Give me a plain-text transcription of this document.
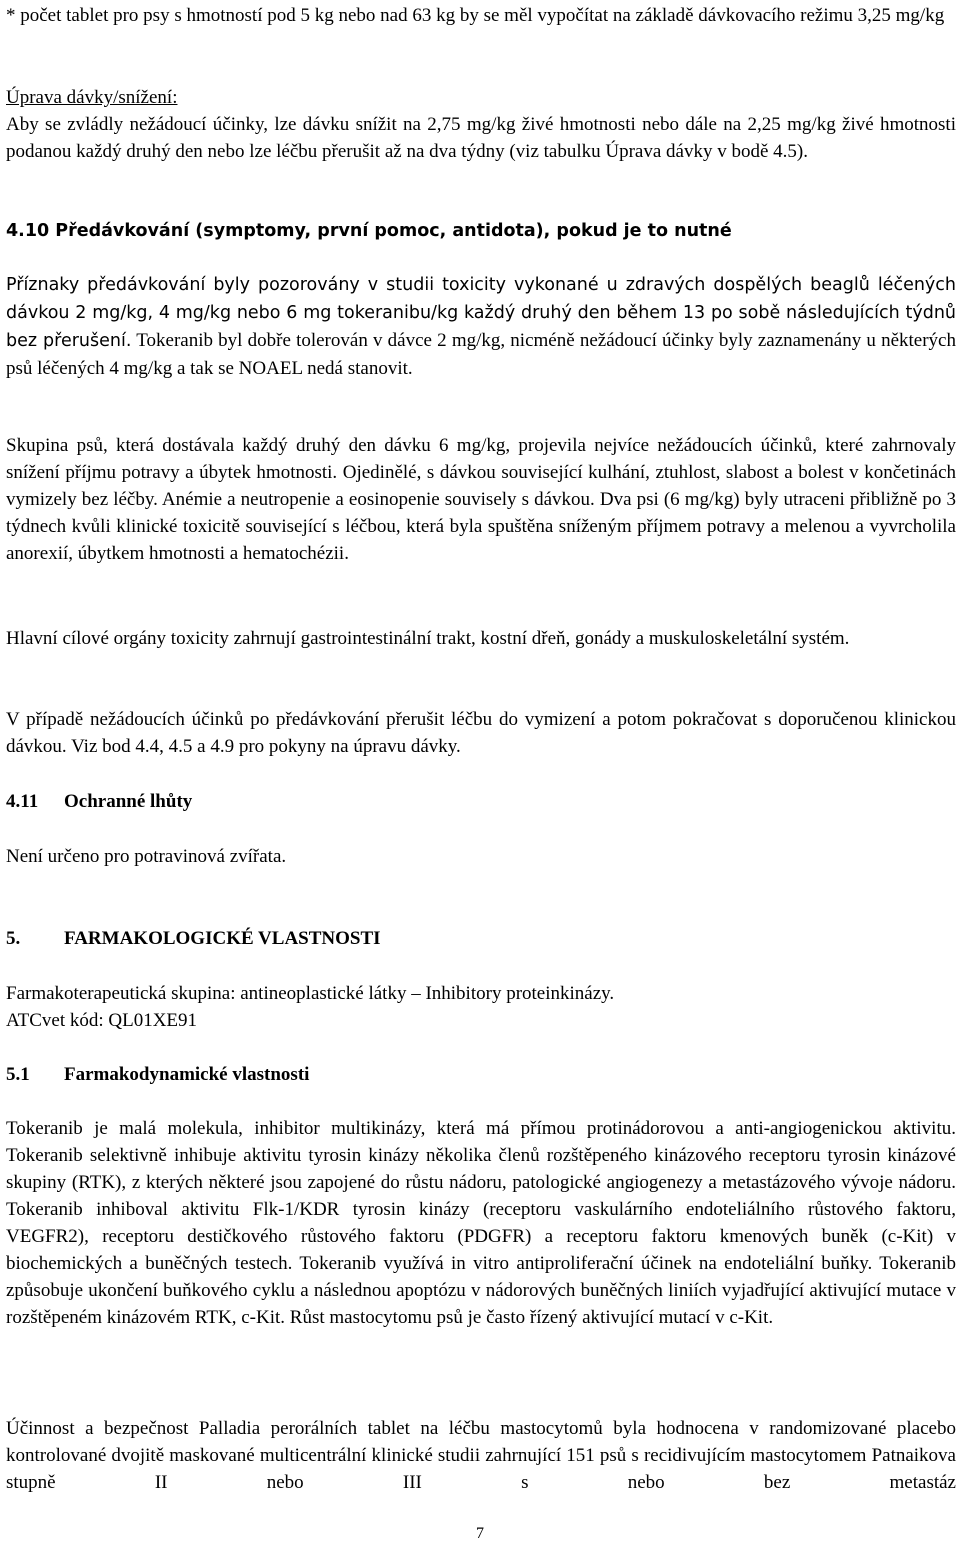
* počet tablet pro psy s hmotností pod 5 kg nebo nad 63 kg by se měl vypočítat na základě dávkovacího režimu 3,25 mg/kg

Úprava dávky/snížení:

Aby se zvládly nežádoucí účinky, lze dávku snížit na 2,75 mg/kg živé hmotnosti nebo dále na 2,25 mg/kg živé hmotnosti podanou každý druhý den nebo lze léčbu přerušit až na dva týdny (viz tabulku Úprava dávky v bodě 4.5).

4.10 Předávkování (symptomy, první pomoc, antidota), pokud je to nutné

Příznaky předávkování byly pozorovány v studii toxicity vykonané u zdravých dospělých beaglů léčených dávkou 2 mg/kg, 4 mg/kg nebo 6 mg tokeranibu/kg každý druhý den během 13 po sobě následujících týdnů bez přerušení. Tokeranib byl dobře tolerován v dávce 2 mg/kg, nicméně nežádoucí účinky byly zaznamenány u některých psů léčených 4 mg/kg a tak se NOAEL nedá stanovit.

Skupina psů, která dostávala každý druhý den dávku 6 mg/kg, projevila nejvíce nežádoucích účinků, které zahrnovaly snížení příjmu potravy a úbytek hmotnosti. Ojedinělé, s dávkou související kulhání, ztuhlost, slabost a bolest v končetinách vymizely bez léčby. Anémie a neutropenie a eosinopenie souvisely s dávkou. Dva psi (6 mg/kg) byly utraceni přibližně po 3 týdnech kvůli klinické toxicitě související s léčbou, která byla spuštěna sníženým příjmem potravy a melenou a vyvrcholila anorexií, úbytkem hmotnosti a hematochézii.

Hlavní cílové orgány toxicity zahrnují gastrointestinální trakt, kostní dřeň, gonády a muskuloskeletální systém.

V případě nežádoucích účinků po předávkování přerušit léčbu do vymizení a potom pokračovat s doporučenou klinickou dávkou. Viz bod 4.4, 4.5 a 4.9 pro pokyny na úpravu dávky.

4.11 Ochranné lhůty

Není určeno pro potravinová zvířata.

5. FARMAKOLOGICKÉ VLASTNOSTI

Farmakoterapeutická skupina: antineoplastické látky – Inhibitory proteinkinázy.

ATCvet kód: QL01XE91

5.1 Farmakodynamické vlastnosti

Tokeranib je malá molekula, inhibitor multikinázy, která má přímou protinádorovou a anti-angiogenickou aktivitu. Tokeranib selektivně inhibuje aktivitu tyrosin kinázy několika členů rozštěpeného kinázového receptoru tyrosin kinázové skupiny (RTK), z kterých některé jsou zapojené do růstu nádoru, patologické angiogenezy a metastázového vývoje nádoru. Tokeranib inhiboval aktivitu Flk-1/KDR tyrosin kinázy (receptoru vaskulárního endoteliálního růstového faktoru, VEGFR2), receptoru destičkového růstového faktoru (PDGFR) a receptoru faktoru kmenových buněk (c-Kit) v biochemických a buněčných testech. Tokeranib využívá in vitro antiproliferační účinek na endoteliální buňky. Tokeranib způsobuje ukončení buňkového cyklu a následnou apoptózu v nádorových buněčných liniích vyjadřující aktivující mutace v rozštěpeném kinázovém RTK, c-Kit. Růst mastocytomu psů je často řízený aktivující mutací v c-Kit.

Účinnost a bezpečnost Palladia perorálních tablet na léčbu mastocytomů byla hodnocena v randomizované placebo kontrolované dvojitě maskované multicentrální klinické studii zahrnující 151 psů s recidivujícím mastocytomem Patnaikova stupně II nebo III s nebo bez metastáz

7
